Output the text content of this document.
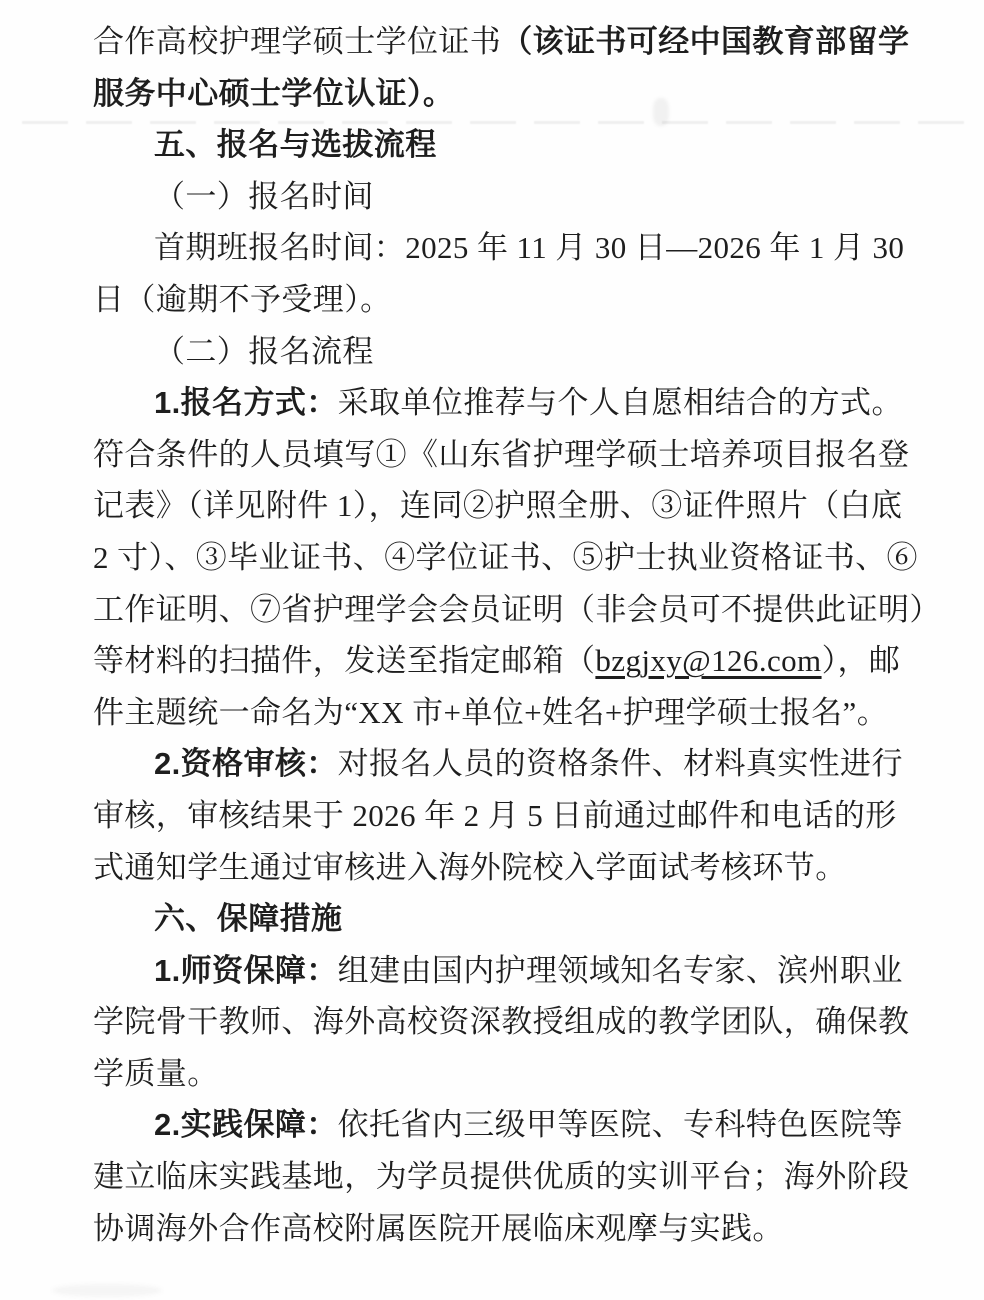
合作高校护理学硕士学位证书（该证书可经中国教育部留学
服务中心硕士学位认证）。
五、报名与选拔流程
（一）报名时间
首期班报名时间：2025 年 11 月 30 日—2026 年 1 月 30
日（逾期不予受理）。
（二）报名流程
1.报名方式：采取单位推荐与个人自愿相结合的方式。
符合条件的人员填写①《山东省护理学硕士培养项目报名登
记表》（详见附件 1），连同②护照全册、③证件照片（白底
2 寸）、③毕业证书、④学位证书、⑤护士执业资格证书、⑥
工作证明、⑦省护理学会会员证明（非会员可不提供此证明）
等材料的扫描件，发送至指定邮箱（bzgjxy@126.com），邮
件主题统一命名为“XX 市+单位+姓名+护理学硕士报名”。
2.资格审核：对报名人员的资格条件、材料真实性进行
审核，审核结果于 2026 年 2 月 5 日前通过邮件和电话的形
式通知学生通过审核进入海外院校入学面试考核环节。
六、保障措施
1.师资保障：组建由国内护理领域知名专家、滨州职业
学院骨干教师、海外高校资深教授组成的教学团队，确保教
学质量。
2.实践保障：依托省内三级甲等医院、专科特色医院等
建立临床实践基地，为学员提供优质的实训平台；海外阶段
协调海外合作高校附属医院开展临床观摩与实践。
